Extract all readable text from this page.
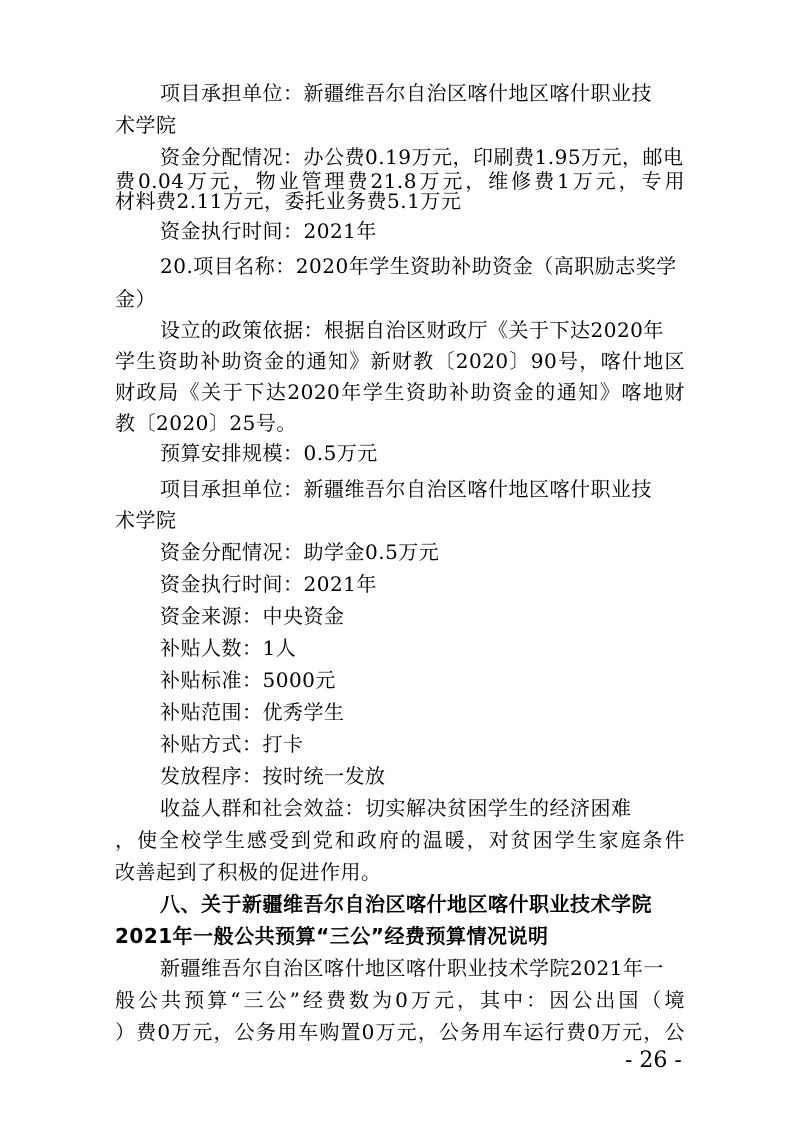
项目承担单位：新疆维吾尔自治区喀什地区喀什职业技
术学院
资金分配情况：办公费0.19万元，印刷费1.95万元，邮电
费0.04万元，物业管理费21.8万元，维修费1万元，专用
材料费2.11万元，委托业务费5.1万元
资金执行时间：2021年
20.项目名称：2020年学生资助补助资金（高职励志奖学
金）
设立的政策依据：根据自治区财政厅《关于下达2020年
学生资助补助资金的通知》新财教〔2020〕90号，喀什地区
财政局《关于下达2020年学生资助补助资金的通知》喀地财
教〔2020〕25号。
预算安排规模：0.5万元
项目承担单位：新疆维吾尔自治区喀什地区喀什职业技
术学院
资金分配情况：助学金0.5万元
资金执行时间：2021年
资金来源：中央资金
补贴人数：1人
补贴标准：5000元
补贴范围：优秀学生
补贴方式：打卡
发放程序：按时统一发放
收益人群和社会效益：切实解决贫困学生的经济困难
，使全校学生感受到党和政府的温暖，对贫困学生家庭条件
改善起到了积极的促进作用。
八、关于新疆维吾尔自治区喀什地区喀什职业技术学院
2021年一般公共预算“三公”经费预算情况说明
新疆维吾尔自治区喀什地区喀什职业技术学院2021年一
般公共预算“三公”经费数为0万元，其中：因公出国（境
）费0万元，公务用车购置0万元，公务用车运行费0万元，公
- 26 -
